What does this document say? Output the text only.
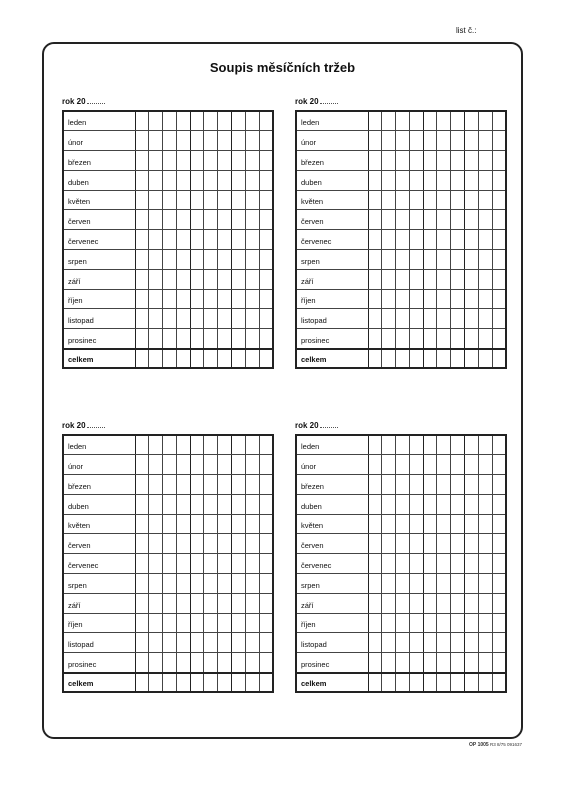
list č.:
Soupis měsíčních tržeb
rok 20
leden										
únor										
březen										
duben										
květen										
červen										
červenec										
srpen										
září										
říjen										
listopad										
prosinec										
celkem										
rok 20
leden										
únor										
březen										
duben										
květen										
červen										
červenec										
srpen										
září										
říjen										
listopad										
prosinec										
celkem										
rok 20
leden										
únor										
březen										
duben										
květen										
červen										
červenec										
srpen										
září										
říjen										
listopad										
prosinec										
celkem										
rok 20
leden										
únor										
březen										
duben										
květen										
červen										
červenec										
srpen										
září										
říjen										
listopad										
prosinec										
celkem										
OP 1005 R3 8/75 091637
